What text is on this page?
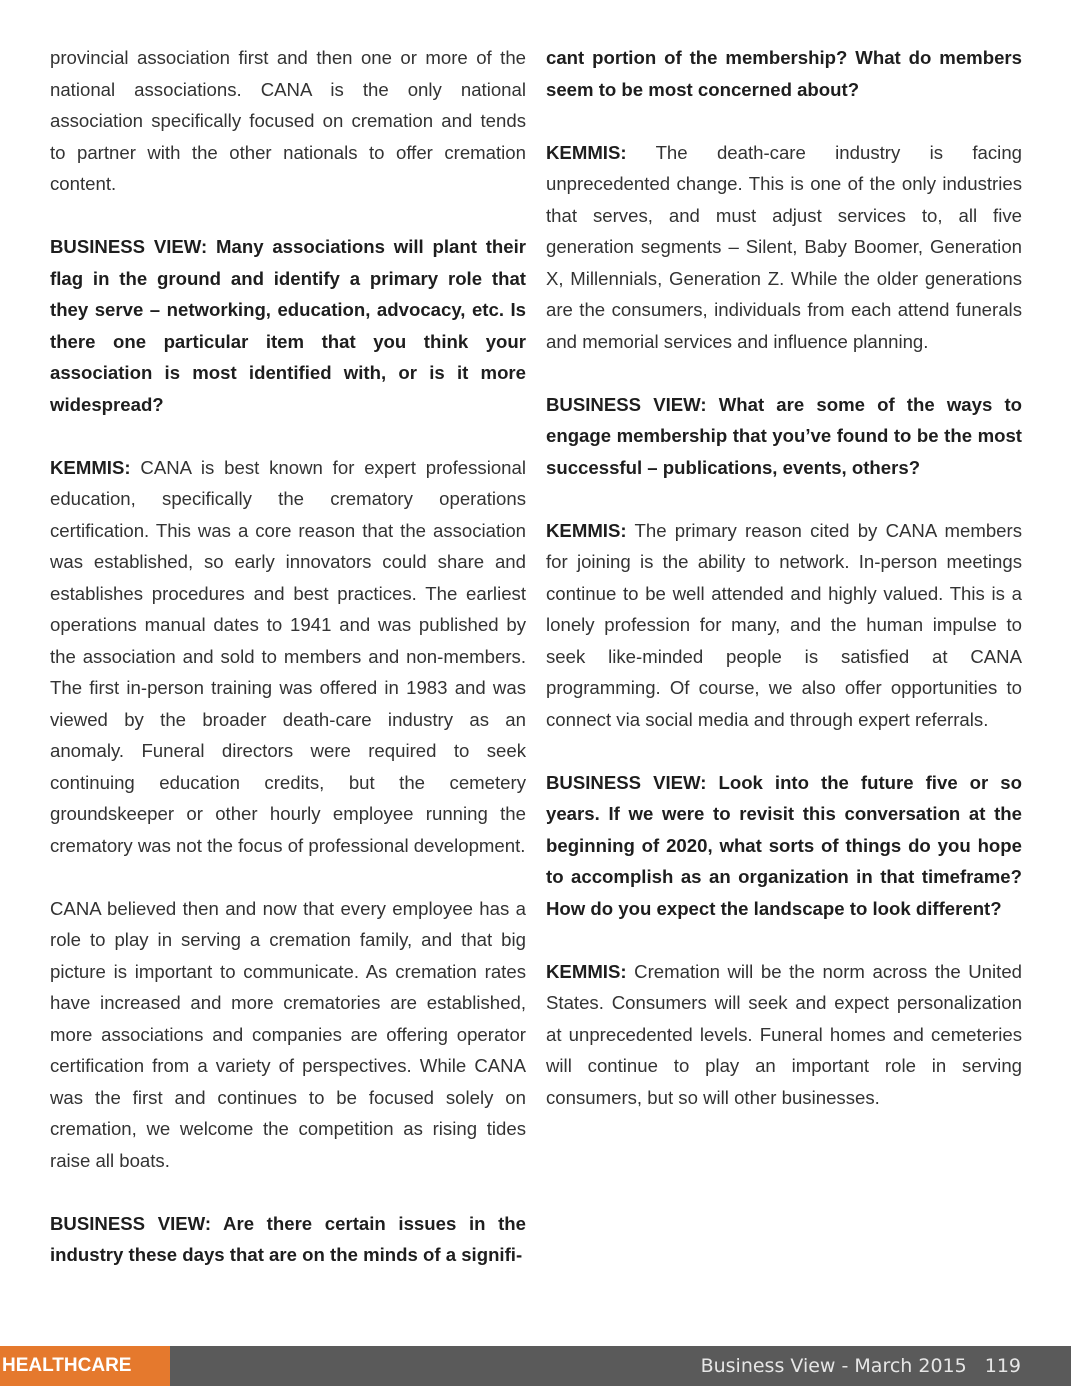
provincial association first and then one or more of the national associations. CANA is the only national association specifically focused on cremation and tends to partner with the other nationals to offer cremation content.

BUSINESS VIEW: Many associations will plant their flag in the ground and identify a primary role that they serve – networking, education, advocacy, etc. Is there one particular item that you think your association is most identified with, or is it more widespread?

KEMMIS: CANA is best known for expert professional education, specifically the crematory operations certification. This was a core reason that the association was established, so early innovators could share and establishes procedures and best practices. The earliest operations manual dates to 1941 and was published by the association and sold to members and non-members. The first in-person training was offered in 1983 and was viewed by the broader death-care industry as an anomaly. Funeral directors were required to seek continuing education credits, but the cemetery groundskeeper or other hourly employee running the crematory was not the focus of professional development.

CANA believed then and now that every employee has a role to play in serving a cremation family, and that big picture is important to communicate. As cremation rates have increased and more crematories are established, more associations and companies are offering operator certification from a variety of perspectives. While CANA was the first and continues to be focused solely on cremation, we welcome the competition as rising tides raise all boats.

BUSINESS VIEW: Are there certain issues in the industry these days that are on the minds of a signifi-

cant portion of the membership? What do members seem to be most concerned about?

KEMMIS: The death-care industry is facing unprecedented change. This is one of the only industries that serves, and must adjust services to, all five generation segments – Silent, Baby Boomer, Generation X, Millennials, Generation Z. While the older generations are the consumers, individuals from each attend funerals and memorial services and influence planning.

BUSINESS VIEW: What are some of the ways to engage membership that you’ve found to be the most successful – publications, events, others?

KEMMIS: The primary reason cited by CANA members for joining is the ability to network. In-person meetings continue to be well attended and highly valued. This is a lonely profession for many, and the human impulse to seek like-minded people is satisfied at CANA programming. Of course, we also offer opportunities to connect via social media and through expert referrals.

BUSINESS VIEW: Look into the future five or so years. If we were to revisit this conversation at the beginning of 2020, what sorts of things do you hope to accomplish as an organization in that timeframe? How do you expect the landscape to look different?

KEMMIS: Cremation will be the norm across the United States. Consumers will seek and expect personalization at unprecedented levels. Funeral homes and cemeteries will continue to play an important role in serving consumers, but so will other businesses.

HEALTHCARE	Business View - March 2015 119
